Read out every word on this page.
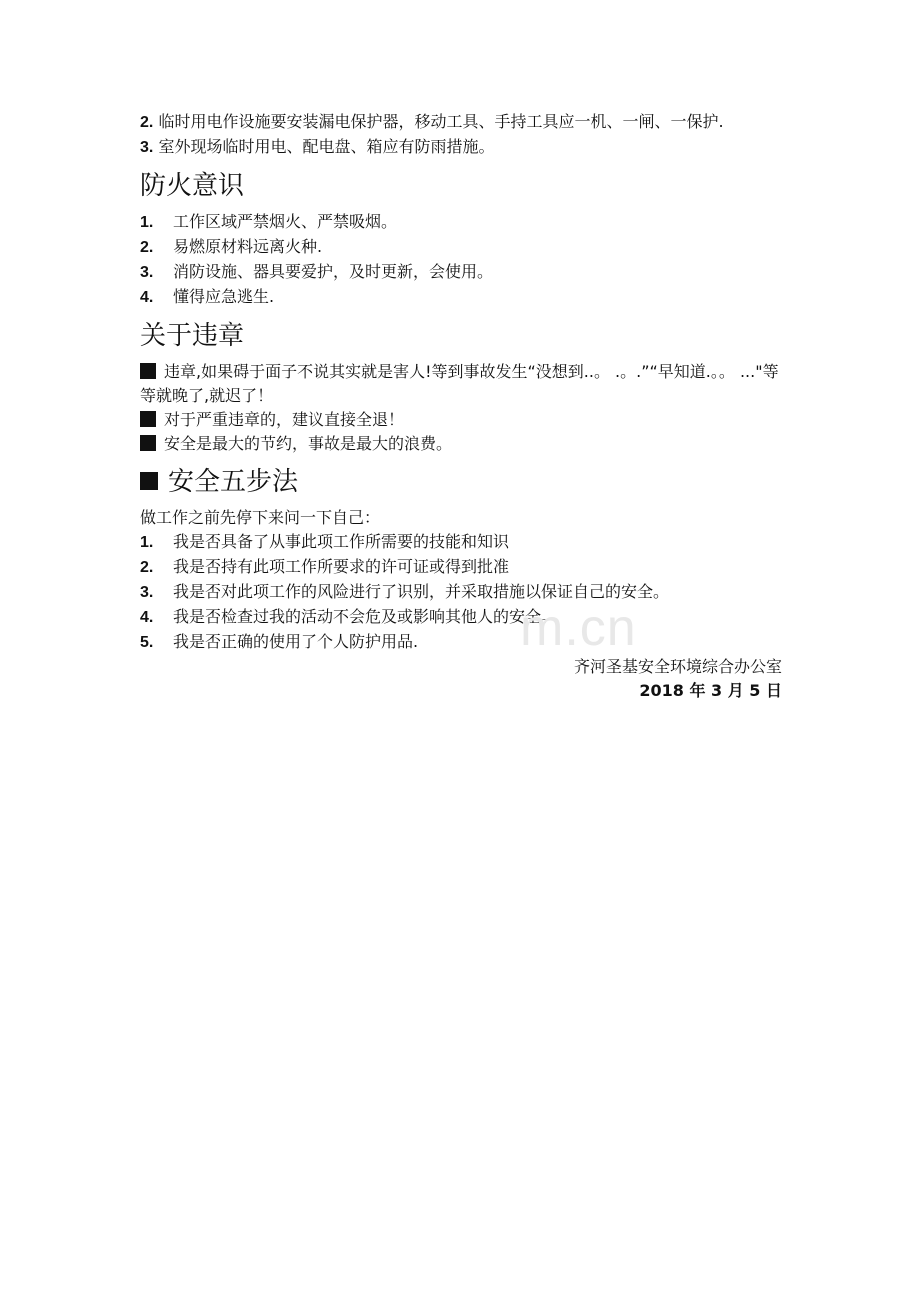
2. 临时用电作设施要安装漏电保护器，移动工具、手持工具应一机、一闸、一保护.

3. 室外现场临时用电、配电盘、箱应有防雨措施。

防火意识

1. 工作区域严禁烟火、严禁吸烟。

2. 易燃原材料远离火种.

3. 消防设施、器具要爱护，及时更新，会使用。

4. 懂得应急逃生.

关于违章

违章,如果碍于面子不说其实就是害人!等到事故发生“没想到..。 .。.”“早知道.。。 ..."等等就晚了,就迟了！

对于严重违章的，建议直接全退！

安全是最大的节约，事故是最大的浪费。

安全五步法

做工作之前先停下来问一下自己：

1. 我是否具备了从事此项工作所需要的技能和知识

2. 我是否持有此项工作所要求的许可证或得到批准

3. 我是否对此项工作的风险进行了识别，并采取措施以保证自己的安全。

4. 我是否检查过我的活动不会危及或影响其他人的安全。

5. 我是否正确的使用了个人防护用品.

齐河圣基安全环境综合办公室

2018 年 3 月 5 日

m.cn
